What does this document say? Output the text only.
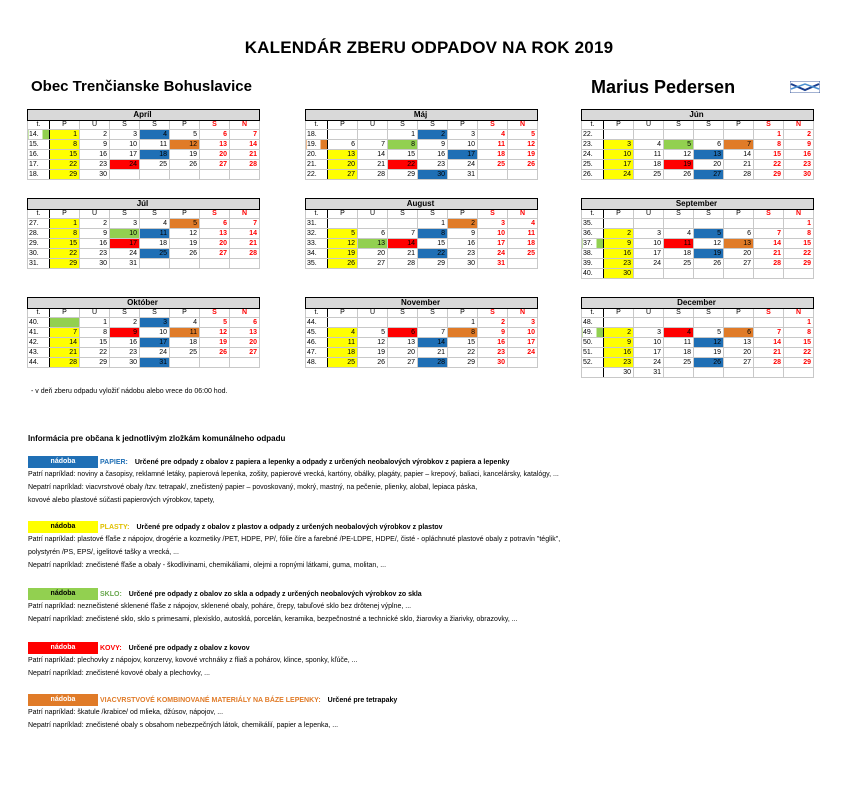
KALENDÁR ZBERU ODPADOV NA ROK 2019
Obec Trenčianske Bohuslavice	Marius Pedersen
Apríl							
t.	P	U	S	Š	P	S	N
14.	1	2	3	4	5	6	7
15.	8	9	10	11	12	13	14
16.	15	16	17	18	19	20	21
17.	22	23	24	25	26	27	28
18.	29	30					
Máj							
t.	P	U	S	Š	P	S	N
18.			1	2	3	4	5
19.	6	7	8	9	10	11	12
20.	13	14	15	16	17	18	19
21.	20	21	22	23	24	25	26
22.	27	28	29	30	31		
Jún							
t.	P	U	S	Š	P	S	N
22.						1	2
23.	3	4	5	6	7	8	9
24.	10	11	12	13	14	15	16
25.	17	18	19	20	21	22	23
26.	24	25	26	27	28	29	30
Júl							
t.	P	U	S	Š	P	S	N
27.	1	2	3	4	5	6	7
28.	8	9	10	11	12	13	14
29.	15	16	17	18	19	20	21
30.	22	23	24	25	26	27	28
31.	29	30	31				
August							
t.	P	U	S	Š	P	S	N
31.				1	2	3	4
32.	5	6	7	8	9	10	11
33.	12	13	14	15	16	17	18
34.	19	20	21	22	23	24	25
35.	26	27	28	29	30	31	
September							
t.	P	U	S	Š	P	S	N
35.							1
36.	2	3	4	5	6	7	8
37.	9	10	11	12	13	14	15
38.	16	17	18	19	20	21	22
39.	23	24	25	26	27	28	29
40.	30						
Október							
t.	P	U	S	Š	P	S	N
40.		1	2	3	4	5	6
41.	7	8	9	10	11	12	13
42.	14	15	16	17	18	19	20
43.	21	22	23	24	25	26	27
44.	28	29	30	31			
November							
t.	P	U	S	Š	P	S	N
44.					1	2	3
45.	4	5	6	7	8	9	10
46.	11	12	13	14	15	16	17
47.	18	19	20	21	22	23	24
48.	25	26	27	28	29	30	
December							
t.	P	U	S	Š	P	S	N
48.							1
49.	2	3	4	5	6	7	8
50.	9	10	11	12	13	14	15
51.	16	17	18	19	20	21	22
52.	23	24	25	26	27	28	29
	30	31					
- v deň zberu odpadu vyložiť nádobu alebo vrece do 06:00 hod.
Informácia pre občana k jednotlivým zložkám komunálneho odpadu
nádoba	PAPIER: Určené pre odpady z obalov z papiera a lepenky a odpady z určených neobalových výrobkov z papiera a lepenky
Patrí napríklad: noviny a časopisy, reklamné letáky, papierová lepenka, zošity, papierové vrecká, kartóny, obálky, plagáty, papier – krepový, baliaci, kancelársky, katalógy, ...
Nepatrí napríklad: viacvrstvové obaly /tzv. tetrapak/, znečistený papier – povoskovaný, mokrý, mastný, na pečenie, plienky, alobal, lepiaca páska,
kovové alebo plastové súčasti papierových výrobkov, tapety,
nádoba	PLASTY: Určené pre odpady z obalov z plastov a odpady z určených neobalových výrobkov z plastov
Patrí napríklad: plastové fľaše z nápojov, drogérie a kozmetiky /PET, HDPE, PP/, fólie číre a farebné /PE-LDPE, HDPE/, čisté - opláchnuté plastové obaly z potravín "téglik",
polystyrén /PS, EPS/, igelitové tašky a vrecká, ...
Nepatrí napríklad: znečistené fľaše a obaly - škodlivinami, chemikáliami, olejmi a ropnými látkami, guma, molitan, ...
nádoba	SKLO: Určené pre odpady z obalov zo skla a odpady z určených neobalových výrobkov zo skla
Patrí napríklad: neznečistené sklenené fľaše z nápojov, sklenené obaly, poháre, črepy, tabuľové sklo bez drôtenej výplne, ...
Nepatrí napríklad: znečistené sklo, sklo s primesami, plexisklo, autosklá, porcelán, keramika, bezpečnostné a technické sklo, žiarovky a žiarivky, obrazovky, ...
nádoba	KOVY: Určené pre odpady z obalov z kovov
Patrí napríklad: plechovky z nápojov, konzervy, kovové vrchnáky z fliaš a pohárov, klince, sponky, kľúče, ...
Nepatrí napríklad: znečistené kovové obaly a plechovky, ...
nádoba	VIACVRSTVOVÉ KOMBINOVANÉ MATERIÁLY NA BÁZE LEPENKY: Určené pre tetrapaky
Patrí napríklad: škatule /krabice/ od mlieka, džúsov, nápojov, ...
Nepatrí napríklad: znečistené obaly s obsahom nebezpečných látok, chemikálií, papier a lepenka, ...
